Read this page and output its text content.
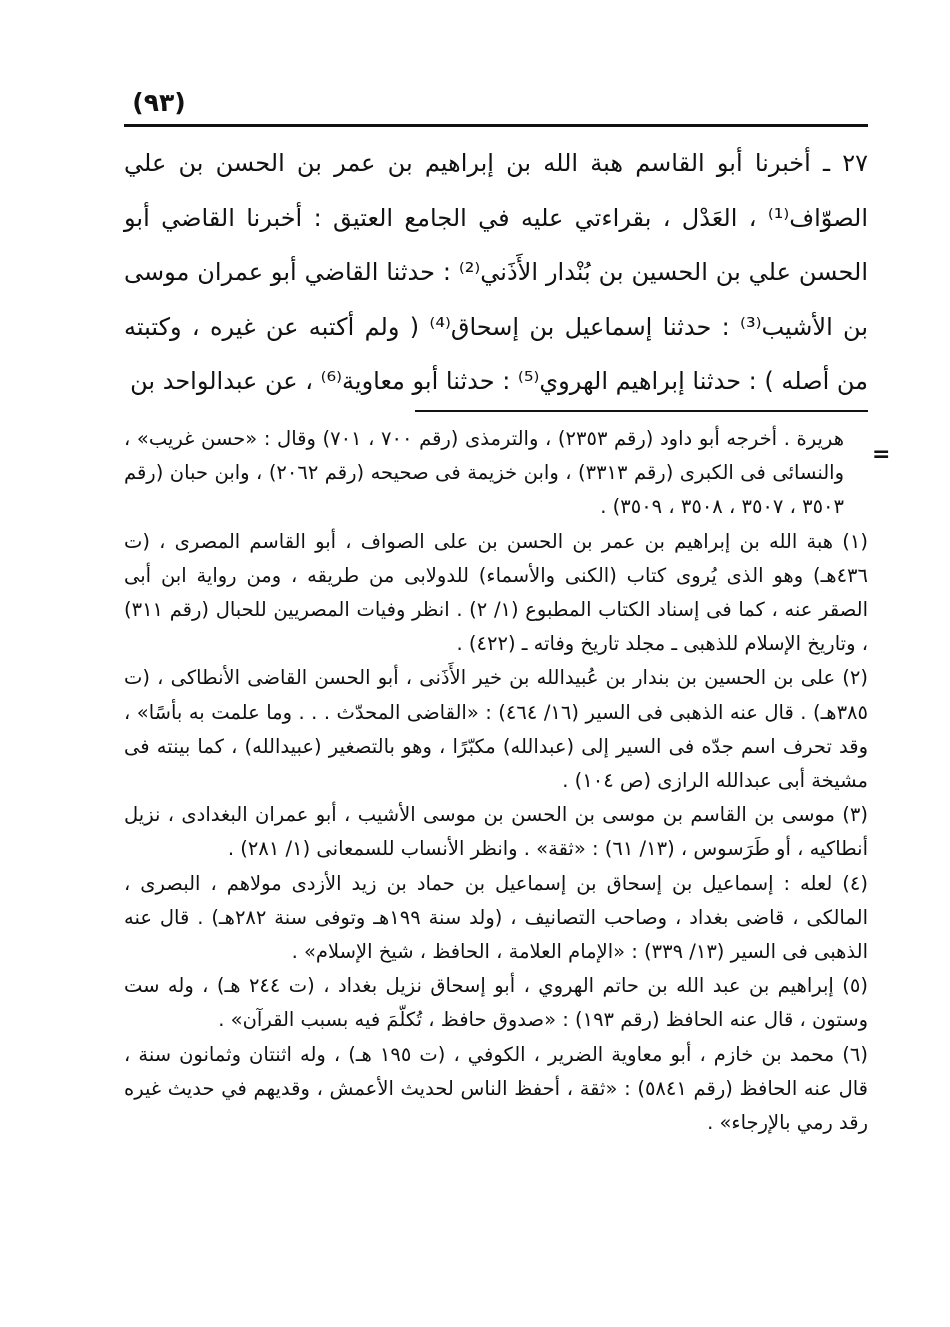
(٩٣)

٢٧ ـ أخبرنا أبو القاسم هبة الله بن إبراهيم بن عمر بن الحسن بن علي الصوّاف⁽¹⁾ ، العَدْل ، بقراءتي عليه في الجامع العتيق : أخبرنا القاضي أبو الحسن علي بن الحسين بن بُنْدار الأَذَني⁽²⁾ : حدثنا القاضي أبو عمران موسى بن الأشيب⁽³⁾ : حدثنا إسماعيل بن إسحاق⁽⁴⁾ ( ولم أكتبه عن غيره ، وكتبته من أصله ) : حدثنا إبراهيم الهروي⁽⁵⁾ : حدثنا أبو معاوية⁽⁶⁾ ، عن عبدالواحد بن

=

هريرة . أخرجه أبو داود (رقم ٢٣٥٣) ، والترمذى (رقم ٧٠٠ ، ٧٠١) وقال : «حسن غريب» ، والنسائى فى الكبرى (رقم ٣٣١٣) ، وابن خزيمة فى صحيحه (رقم ٢٠٦٢) ، وابن حبان (رقم ٣٥٠٣ ، ٣٥٠٧ ، ٣٥٠٨ ، ٣٥٠٩) .

(١) هبة الله بن إبراهيم بن عمر بن الحسن بن على الصواف ، أبو القاسم المصرى ، (ت ٤٣٦هـ) وهو الذى يُروى كتاب (الكنى والأسماء) للدولابى من طريقه ، ومن رواية ابن أبى الصقر عنه ، كما فى إسناد الكتاب المطبوع (١/ ٢) . انظر وفيات المصريين للحبال (رقم ٣١١) ، وتاريخ الإسلام للذهبى ـ مجلد تاريخ وفاته ـ (٤٢٢) .

(٢) على بن الحسين بن بندار بن عُبيدالله بن خير الأَذَنى ، أبو الحسن القاضى الأنطاكى ، (ت ٣٨٥هـ) . قال عنه الذهبى فى السير (١٦/ ٤٦٤) : «القاضى المحدّث . . . وما علمت به بأسًا» ، وقد تحرف اسم جدّه فى السير إلى (عبدالله) مكبّرًا ، وهو بالتصغير (عبيدالله) ، كما بينته فى مشيخة أبى عبدالله الرازى (ص ١٠٤) .

(٣) موسى بن القاسم بن موسى بن الحسن بن موسى الأشيب ، أبو عمران البغدادى ، نزيل أنطاكيه ، أو طَرَسوس ، (١٣/ ٦١) : «ثقة» . وانظر الأنساب للسمعانى (١/ ٢٨١) .

(٤) لعله : إسماعيل بن إسحاق بن إسماعيل بن حماد بن زيد الأزدى مولاهم ، البصرى ، المالكى ، قاضى بغداد ، وصاحب التصانيف ، (ولد سنة ١٩٩هـ وتوفى سنة ٢٨٢هـ) . قال عنه الذهبى فى السير (١٣/ ٣٣٩) : «الإمام العلامة ، الحافظ ، شيخ الإسلام» .

(٥) إبراهيم بن عبد الله بن حاتم الهروي ، أبو إسحاق نزيل بغداد ، (ت ٢٤٤ هـ) ، وله ست وستون ، قال عنه الحافظ (رقم ١٩٣) : «صدوق حافظ ، تُكلّمَ فيه بسبب القرآن» .

(٦) محمد بن خازم ، أبو معاوية الضرير ، الكوفي ، (ت ١٩٥ هـ) ، وله اثنتان وثمانون سنة ، قال عنه الحافظ (رقم ٥٨٤١) : «ثقة ، أحفظ الناس لحديث الأعمش ، وقديهم في حديث غيره رقد رمي بالإرجاء» .
